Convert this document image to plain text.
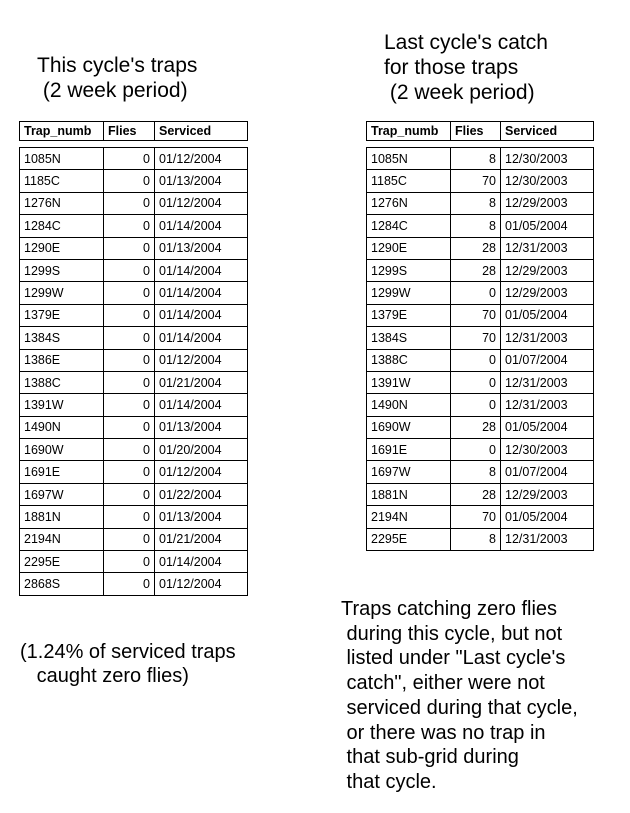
This cycle's traps
(2 week period)
Last cycle's catch
for those traps
(2 week period)
Trap_numb	Flies	Serviced

1085N	0	01/12/2004
1185C	0	01/13/2004
1276N	0	01/12/2004
1284C	0	01/14/2004
1290E	0	01/13/2004
1299S	0	01/14/2004
1299W	0	01/14/2004
1379E	0	01/14/2004
1384S	0	01/14/2004
1386E	0	01/12/2004
1388C	0	01/21/2004
1391W	0	01/14/2004
1490N	0	01/13/2004
1690W	0	01/20/2004
1691E	0	01/12/2004
1697W	0	01/22/2004
1881N	0	01/13/2004
2194N	0	01/21/2004
2295E	0	01/14/2004
2868S	0	01/12/2004
Trap_numb	Flies	Serviced

1085N	8	12/30/2003
1185C	70	12/30/2003
1276N	8	12/29/2003
1284C	8	01/05/2004
1290E	28	12/31/2003
1299S	28	12/29/2003
1299W	0	12/29/2003
1379E	70	01/05/2004
1384S	70	12/31/2003
1388C	0	01/07/2004
1391W	0	12/31/2003
1490N	0	12/31/2003
1690W	28	01/05/2004
1691E	0	12/30/2003
1697W	8	01/07/2004
1881N	28	12/29/2003
2194N	70	01/05/2004
2295E	8	12/31/2003
(1.24% of serviced traps
caught zero flies)
Traps catching zero flies
during this cycle, but not
listed under "Last cycle's
catch", either were not
serviced during that cycle,
or there was no trap in
that sub-grid during
that cycle.
